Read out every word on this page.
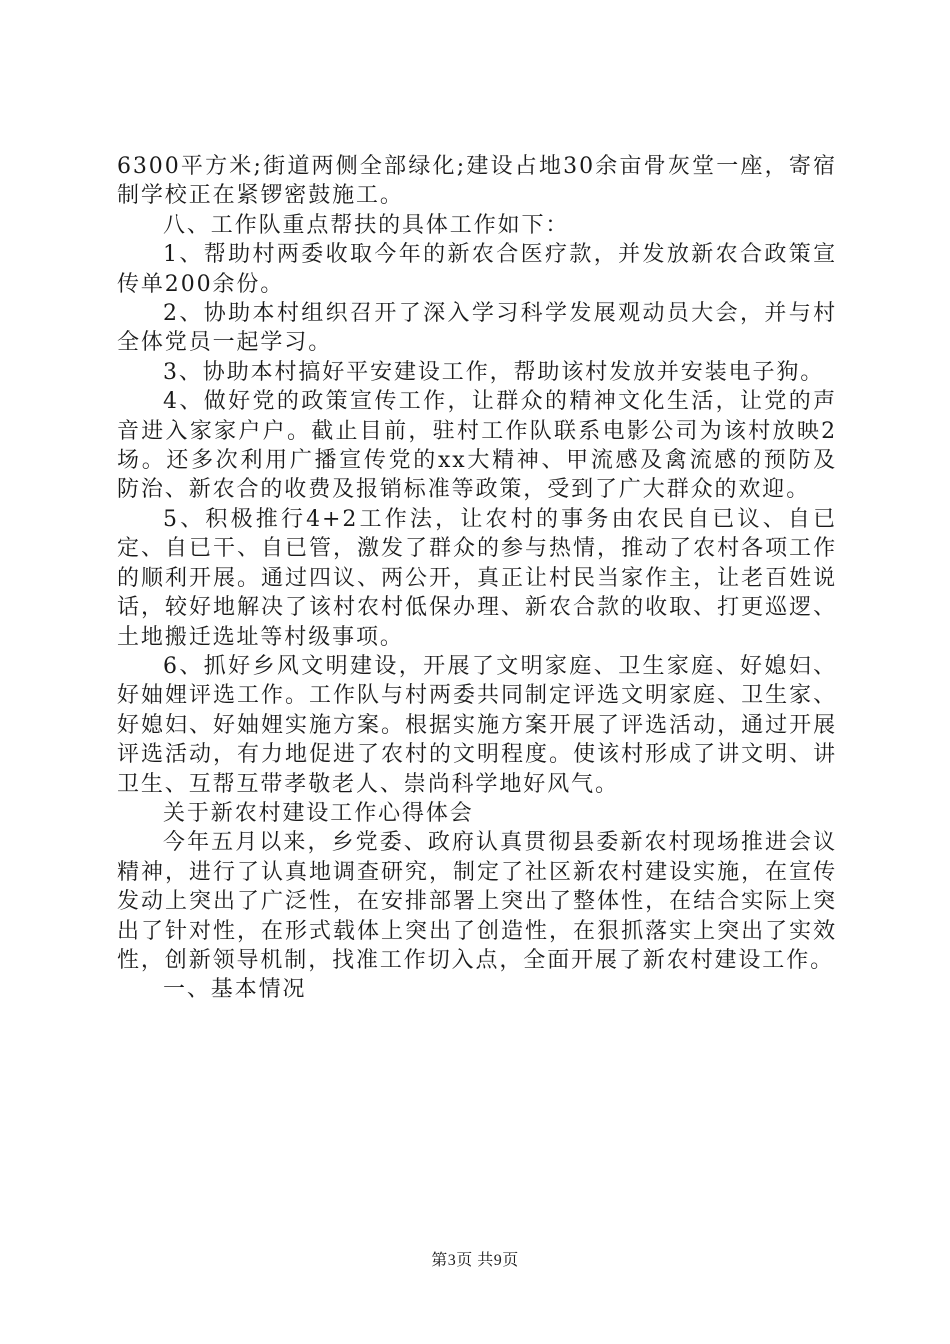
6300平方米;街道两侧全部绿化;建设占地30余亩骨灰堂一座，寄宿制学校正在紧锣密鼓施工。

八、工作队重点帮扶的具体工作如下：

1、帮助村两委收取今年的新农合医疗款，并发放新农合政策宣传单200余份。

2、协助本村组织召开了深入学习科学发展观动员大会，并与村全体党员一起学习。

3、协助本村搞好平安建设工作，帮助该村发放并安装电子狗。

4、做好党的政策宣传工作，让群众的精神文化生活，让党的声音进入家家户户。截止目前，驻村工作队联系电影公司为该村放映2场。还多次利用广播宣传党的xx大精神、甲流感及禽流感的预防及防治、新农合的收费及报销标准等政策，受到了广大群众的欢迎。

5、积极推行4+2工作法，让农村的事务由农民自已议、自已定、自已干、自已管，激发了群众的参与热情，推动了农村各项工作的顺利开展。通过四议、两公开，真正让村民当家作主，让老百姓说话，较好地解决了该村农村低保办理、新农合款的收取、打更巡逻、土地搬迁选址等村级事项。

6、抓好乡风文明建设，开展了文明家庭、卫生家庭、好媳妇、好妯娌评选工作。工作队与村两委共同制定评选文明家庭、卫生家、好媳妇、好妯娌实施方案。根据实施方案开展了评选活动，通过开展评选活动，有力地促进了农村的文明程度。使该村形成了讲文明、讲卫生、互帮互带孝敬老人、崇尚科学地好风气。

关于新农村建设工作心得体会

今年五月以来，乡党委、政府认真贯彻县委新农村现场推进会议精神，进行了认真地调查研究，制定了社区新农村建设实施，在宣传发动上突出了广泛性，在安排部署上突出了整体性，在结合实际上突出了针对性，在形式载体上突出了创造性，在狠抓落实上突出了实效性，创新领导机制，找准工作切入点，全面开展了新农村建设工作。

一、基本情况

第3页 共9页
